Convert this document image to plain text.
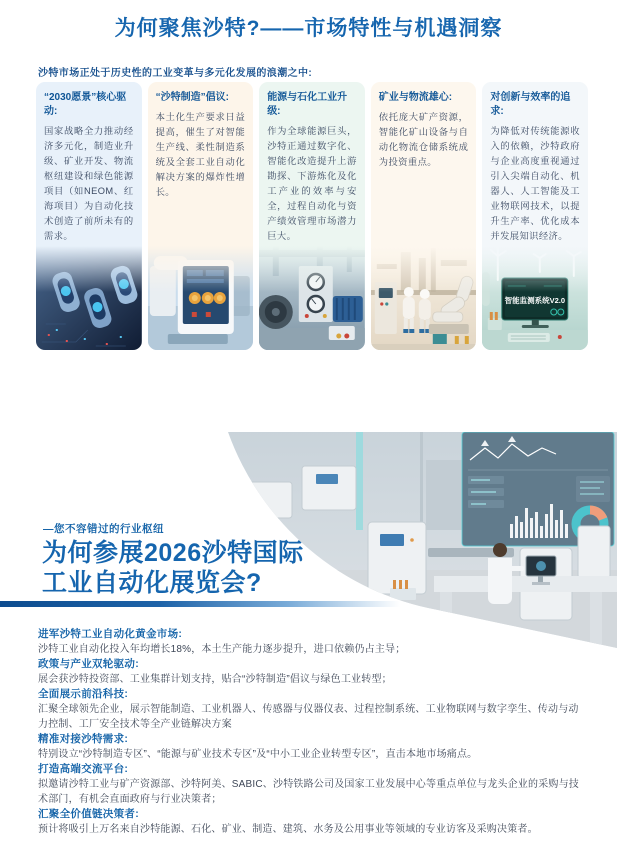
为何聚焦沙特?——市场特性与机遇洞察
沙特市场正处于历史性的工业变革与多元化发展的浪潮之中:
“2030愿景”核心驱动:

国家战略全力推动经济多元化，制造业升级、矿业开发、物流枢纽建设和绿色能源项目（如NEOM、红海项目）为自动化技术创造了前所未有的需求。

“沙特制造”倡议:

本土化生产要求日益提高，催生了对智能生产线、柔性制造系统及全套工业自动化解决方案的爆炸性增长。

能源与石化工业升级:

作为全球能源巨头，沙特正通过数字化、智能化改造提升上游勘探、下游炼化及化工产业的效率与安全，过程自动化与资产绩效管理市场潜力巨大。

矿业与物流雄心:

依托庞大矿产资源，智能化矿山设备与自动化物流仓储系统成为投资重点。

对创新与效率的追求:

为降低对传统能源收入的依赖，沙特政府与企业高度重视通过引入尖端自动化、机器人、人工智能及工业物联网技术，以提升生产率、优化成本并发展知识经济。

智能监测系统V2.0
—您不容错过的行业枢纽
为何参展2026沙特国际
工业自动化展览会?
进军沙特工业自动化黄金市场:

沙特工业自动化投入年均增长18%，本土生产能力逐步提升，进口依赖仍占主导；

政策与产业双轮驱动:

展会获沙特投资部、工业集群计划支持，贴合“沙特制造”倡议与绿色工业转型；

全面展示前沿科技:

汇聚全球领先企业，展示智能制造、工业机器人、传感器与仪器仪表、过程控制系统、工业物联网与数字孪生、传动与动力控制、工厂安全技术等全产业链解决方案

精准对接沙特需求:

特别设立“沙特制造专区”、“能源与矿业技术专区”及“中小工业企业转型专区”，直击本地市场痛点。

打造高端交流平台:

拟邀请沙特工业与矿产资源部、沙特阿美、SABIC、沙特铁路公司及国家工业发展中心等重点单位与龙头企业的采购与技术部门，有机会直面政府与行业决策者；

汇聚全价值链决策者:

预计将吸引上万名来自沙特能源、石化、矿业、制造、建筑、水务及公用事业等领域的专业访客及采购决策者。
